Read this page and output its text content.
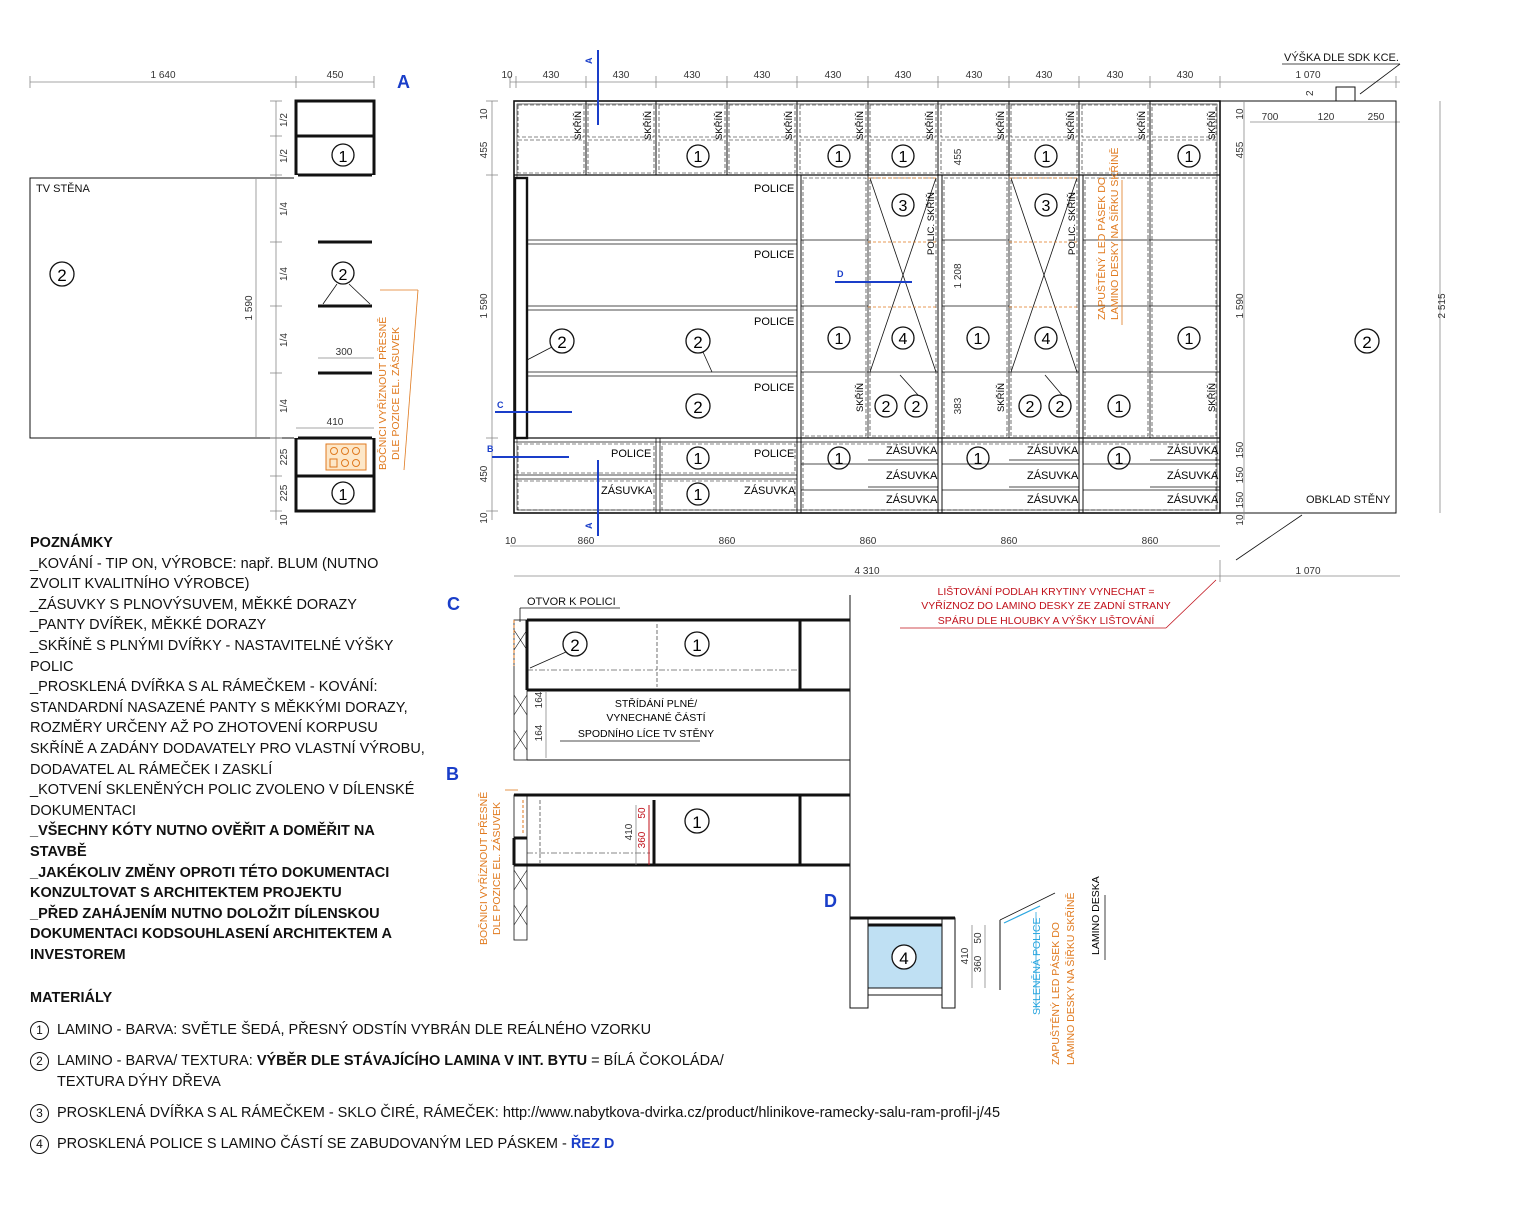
1 640	450	A
TV STĚNA
2
1
2
1
1/2
1/2
1/4
1/4
1/4
1/4
225
225
10
1 590
300
410	BOČNICI VYŘÍZNOUT PŘESNĚ DLE POZICE EL. ZÁSUVEK
10	430	430	430	430	430	430	430	430	430	430	1 070
VÝŠKA DLE SDK KCE.
2
700	120	250
2
OBKLAD STĚNY
SKŘÍŇ	SKŘÍŇ	SKŘÍŇ	SKŘÍŇ	SKŘÍŇ	SKŘÍŇ	SKŘÍŇ	SKŘÍŇ	SKŘÍŇ	SKŘÍŇ
1	1	1	1	1
POLICE
POLICE
POLICE
POLICE
2	2
2
3	3
4	4
1	1	1
1
2 2	2 2
POLIC. SKŘÍŇ	POLIC. SKŘÍŇ
SKŘÍŇ	SKŘÍŇ	SKŘÍŇ
455
1 208
383
ZAPUŠTĚNÝ LED PÁSEK DO LAMINO DESKY NA ŠÍŘKU SKŘÍNĚ
POLICE	POLICE
ZÁSUVKA	ZÁSUVKA
ZÁSUVKA
ZÁSUVKA
ZÁSUVKA
ZÁSUVKA
ZÁSUVKA
ZÁSUVKA
ZÁSUVKA
ZÁSUVKA
ZÁSUVKA
1
1
1	1	1
10
455
1 590
450
10
10
455
1 590
150
150
150
10
2 515
10	860	860	860	860	860
4 310	1 070
LIŠTOVÁNÍ PODLAH KRYTINY VYNECHAT =
VYŘÍZNOZ DO LAMINO DESKY ZE ZADNÍ STRANY
SPÁRU DLE HLOUBKY A VÝŠKY LIŠTOVÁNÍ
A
A
C
B
D
C	OTVOR K POLICI
2	1
164
164
STŘÍDÁNÍ PLNÉ/
VYNECHANÉ ČÁSTÍ
SPODNÍHO LÍCE TV STĚNY
B
1
410 360
50
BOČNICI VYŘÍZNOUT PŘESNĚ DLE POZICE EL. ZÁSUVEK	D
4	410 360
50	SKLENĚNÁ POLICE ZAPUŠTĚNÝ LED PÁSEK DO LAMINO DESKY NA ŠÍŘKU SKŘÍNĚ LAMINO DESKA
POZNÁMKY
_KOVÁNÍ - TIP ON, VÝROBCE: např. BLUM (NUTNO ZVOLIT KVALITNÍHO VÝROBCE)
_ZÁSUVKY S PLNOVÝSUVEM, MĚKKÉ DORAZY
_PANTY DVÍŘEK, MĚKKÉ DORAZY
_SKŘÍNĚ S PLNÝMI DVÍŘKY - NASTAVITELNÉ VÝŠKY POLIC
_PROSKLENÁ DVÍŘKA S AL RÁMEČKEM - KOVÁNÍ: STANDARDNÍ NASAZENÉ PANTY S MĚKKÝMI DORAZY, ROZMĚRY URČENY AŽ PO ZHOTOVENÍ KORPUSU SKŘÍNĚ A ZADÁNY DODAVATELY PRO VLASTNÍ VÝROBU, DODAVATEL AL RÁMEČEK I ZASKLÍ
_KOTVENÍ SKLENĚNÝCH POLIC ZVOLENO V DÍLENSKÉ DOKUMENTACI
_VŠECHNY KÓTY NUTNO OVĚŘIT A DOMĚŘIT NA STAVBĚ
_JAKÉKOLIV ZMĚNY OPROTI TÉTO DOKUMENTACI KONZULTOVAT S ARCHITEKTEM PROJEKTU
_PŘED ZAHÁJENÍM NUTNO DOLOŽIT DÍLENSKOU DOKUMENTACI KODSOUHLASENÍ ARCHITEKTEM A INVESTOREM
MATERIÁLY
1 LAMINO - BARVA: SVĚTLE ŠEDÁ, PŘESNÝ ODSTÍN VYBRÁN DLE REÁLNÉHO VZORKU
2 LAMINO - BARVA/ TEXTURA: VÝBĚR DLE STÁVAJÍCÍHO LAMINA V INT. BYTU = BÍLÁ ČOKOLÁDA/ TEXTURA DÝHY DŘEVA
3 PROSKLENÁ DVÍŘKA S AL RÁMEČKEM - SKLO ČIRÉ, RÁMEČEK: http://www.nabytkova-dvirka.cz/product/hlinikove-ramecky-salu-ram-profil-j/45
4 PROSKLENÁ POLICE S LAMINO ČÁSTÍ SE ZABUDOVANÝM LED PÁSKEM - ŘEZ D
